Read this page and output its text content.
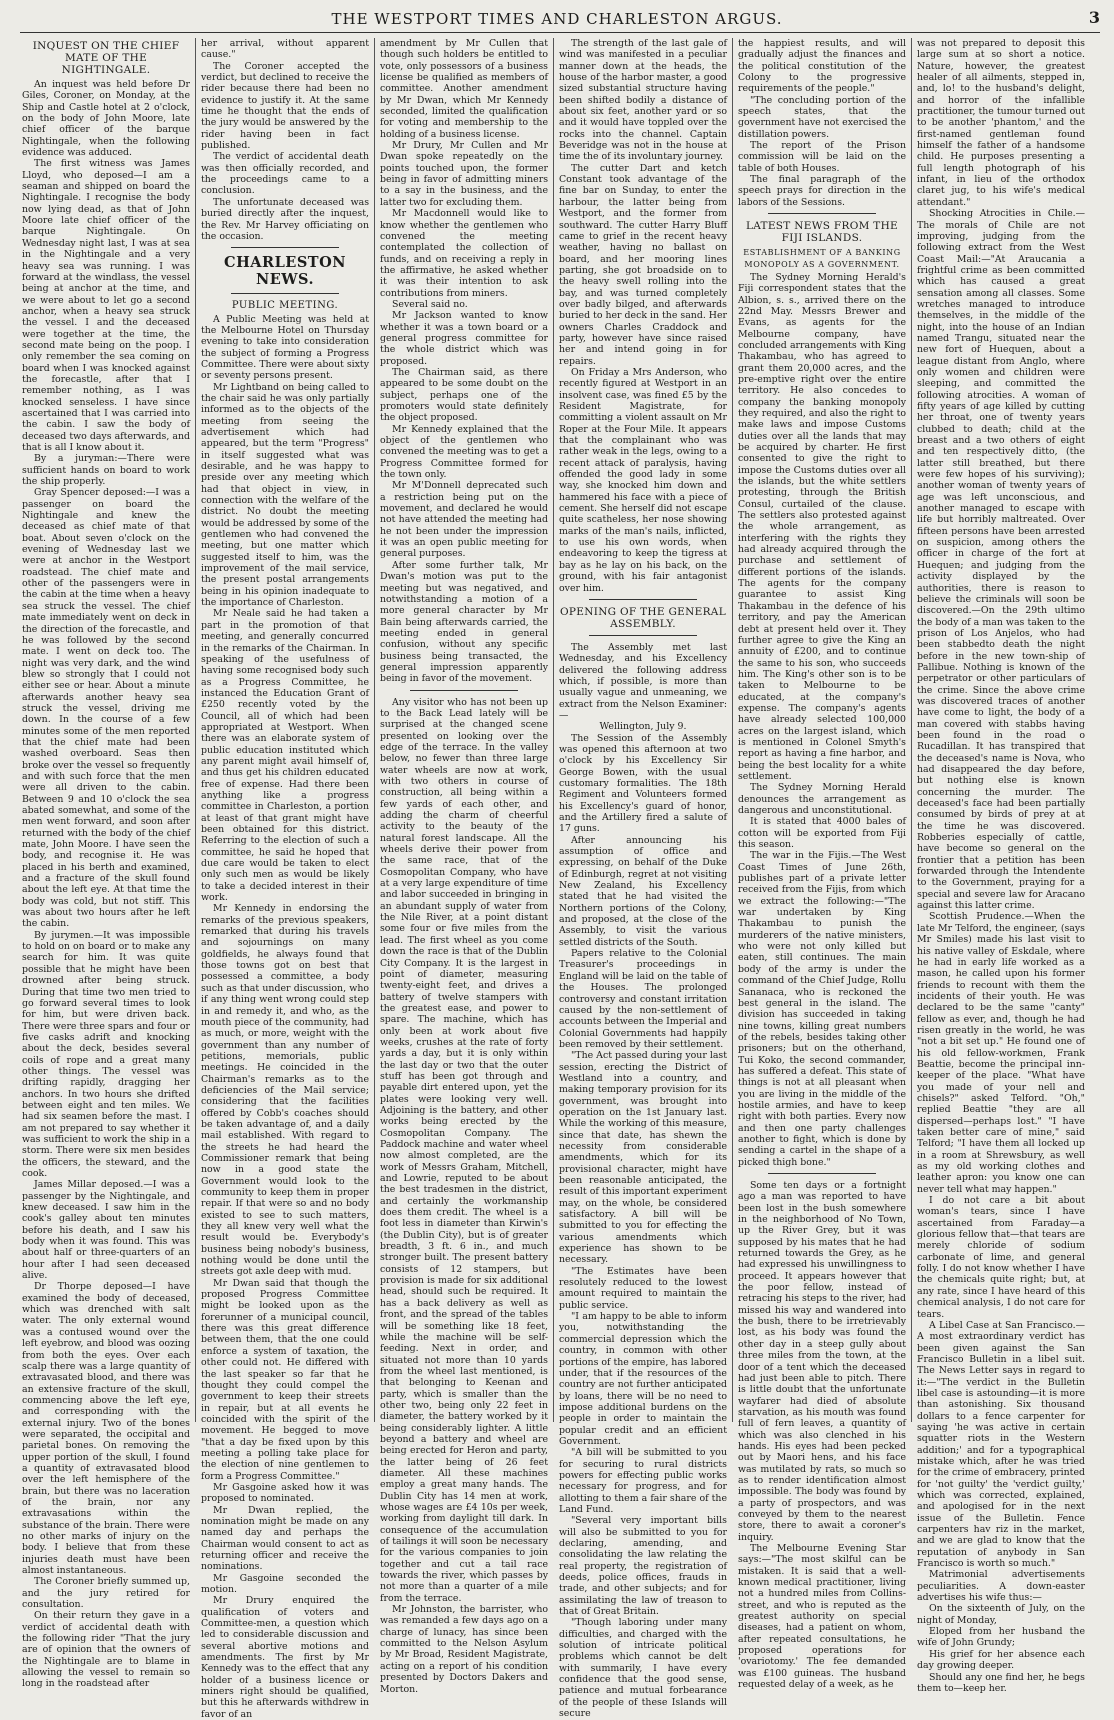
THE WESTPORT TIMES AND CHARLESTON ARGUS.	3

INQUEST ON THE CHIEF MATE OF THE NIGHTINGALE.

An inquest was held before Dr Giles, Coroner, on Monday, at the Ship and Castle hotel at 2 o'clock, on the body of John Moore, late chief officer of the barque Nightingale, when the following evidence was adduced.

The first witness was James Lloyd, who deposed—I am a seaman and shipped on board the Nightingale. I recognise the body now lying dead, as that of John Moore late chief officer of the barque Nightingale. On Wednesday night last, I was at sea in the Nightingale and a very heavy sea was running. I was forward at the windlass, the vessel being at anchor at the time, and we were about to let go a second anchor, when a heavy sea struck the vessel. I and the deceased were together at the time, the second mate being on the poop. I only remember the sea coming on board when I was knocked against the forecastle, after that I remember nothing, as I was knocked senseless. I have since ascertained that I was carried into the cabin. I saw the body of deceased two days afterwards, and that is all I know about it.

By a juryman:—There were sufficient hands on board to work the ship properly.

Gray Spencer deposed:—I was a passenger on board the Nightingale and knew the deceased as chief mate of that boat. About seven o'clock on the evening of Wednesday last we were at anchor in the Westport roadstead. The chief mate and other of the passengers were in the cabin at the time when a heavy sea struck the vessel. The chief mate immediately went on deck in the direction of the forecastle, and he was followed by the second mate. I went on deck too. The night was very dark, and the wind blew so strongly that I could not either see or hear. About a minute afterwards another heavy sea struck the vessel, driving me down. In the course of a few minutes some of the men reported that the chief mate had been washed overboard. Seas then broke over the vessel so frequently and with such force that the men were all driven to the cabin. Between 9 and 10 o'clock the sea abated somewhat, and some of the men went forward, and soon after returned with the body of the chief mate, John Moore. I have seen the body, and recognise it. He was placed in his berth and examined, and a fracture of the skull found about the left eye. At that time the body was cold, but not stiff. This was about two hours after he left the cabin.

By jurymen.—It was impossible to hold on on board or to make any search for him. It was quite possible that he might have been drowned after being struck. During that time two men tried to go forward several times to look for him, but were driven back. There were three spars and four or five casks adrift and knocking about the deck, besides several coils of rope and a great many other things. The vessel was drifting rapidly, dragging her anchors. In two hours she drifted between eight and ten miles. We had six seamen before the mast. I am not prepared to say whether it was sufficient to work the ship in a storm. There were six men besides the officers, the steward, and the cook.

James Millar deposed.—I was a passenger by the Nightingale, and knew deceased. I saw him in the cook's galley about ten minutes before his death, and I saw his body when it was found. This was about half or three-quarters of an hour after I had seen deceased alive.

Dr Thorpe deposed—I have examined the body of deceased, which was drenched with salt water. The only external wound was a contused wound over the left eyebrow, and blood was oozing from both the eyes. Over each scalp there was a large quantity of extravasated blood, and there was an extensive fracture of the skull, commencing above the left eye, and corresponding with the external injury. Two of the bones were separated, the occipital and parietal bones. On removing the upper portion of the skull, I found a quantity of extravasated blood over the left hemisphere of the brain, but there was no laceration of the brain, nor any extravasations within the substance of the brain. There were no other marks of injury on the body. I believe that from these injuries death must have been almost instantaneous.

The Coroner briefly summed up, and the jury retired for consultation.

On their return they gave in a verdict of accidental death with the following rider "That the jury are of opinion that the owners of the Nightingale are to blame in allowing the vessel to remain so long in the roadstead after

her arrival, without apparent cause."

The Coroner accepted the verdict, but declined to receive the rider because there had been no evidence to justify it. At the same time he thought that the ends of the jury would be answered by the rider having been in fact published.

The verdict of accidental death was then officially recorded, and the proceedings came to a conclusion.

The unfortunate deceased was buried directly after the inquest, the Rev. Mr Harvey officiating on the occasion.

CHARLESTON NEWS.

PUBLIC MEETING.

A Public Meeting was held at the Melbourne Hotel on Thursday evening to take into consideration the subject of forming a Progress Committee. There were about sixty or seventy persons present.

Mr Lightband on being called to the chair said he was only partially informed as to the objects of the meeting from seeing the advertisement which had appeared, but the term "Progress" in itself suggested what was desirable, and he was happy to preside over any meeting which had that object in view, in connection with the welfare of the district. No doubt the meeting would be addressed by some of the gentlemen who had convened the meeting, but one matter which suggested itself to him, was the improvement of the mail service, the present postal arrangements being in his opinion inadequate to the importance of Charleston.

Mr Neale said he had taken a part in the promotion of that meeting, and generally concurred in the remarks of the Chairman. In speaking of the usefulness of having some recognised body such as a Progress Committee, he instanced the Education Grant of £250 recently voted by the Council, all of which had been appropriated at Westport. When there was an elaborate system of public education instituted which any parent might avail himself of, and thus get his children educated free of expense. Had there been anything like a progress committee in Charleston, a portion at least of that grant might have been obtained for this district. Referring to the election of such a committee, he said he hoped that due care would be taken to elect only such men as would be likely to take a decided interest in their work.

Mr Kennedy in endorsing the remarks of the previous speakers, remarked that during his travels and sojournings on many goldfields, he always found that those towns got on best that possessed a committee, a body such as that under discussion, who if any thing went wrong could step in and remedy it, and who, as the mouth piece of the community, had as much, or more, weight with the government than any number of petitions, memorials, public meetings. He coincided in the Chairman's remarks as to the deficiencies of the Mail service; considering that the facilities offered by Cobb's coaches should be taken advantage of, and a daily mail established. With regard to the streets he had heard the Commissioner remark that being now in a good state the Government would look to the community to keep them in proper repair. If that were so and no body existed to see to such matters, they all knew very well what the result would be. Everybody's business being nobody's business, nothing would be done until the streets got axle deep with mud.

Mr Dwan said that though the proposed Progress Committee might be looked upon as the forerunner of a municipal council, there was this great difference between them, that the one could enforce a system of taxation, the other could not. He differed with the last speaker so far that he thought they could compel the government to keep their streets in repair, but at all events he coincided with the spirit of the movement. He begged to move "that a day be fixed upon by this meeting a polling take place for the election of nine gentlemen to form a Progress Committee."

Mr Gasgoine asked how it was proposed to nominated.

Mr Dwan replied, the nomination might be made on any named day and perhaps the Chairman would consent to act as returning officer and receive the nominations.

Mr Gasgoine seconded the motion.

Mr Drury enquired the qualification of voters and Committee-men, a question which led to considerable discussion and several abortive motions and amendments. The first by Mr Kennedy was to the effect that any holder of a business licence or miners right should be qualified, but this he afterwards withdrew in favor of an

amendment by Mr Cullen that though such holders be entitled to vote, only possessors of a business license be qualified as members of committee. Another amendment by Mr Dwan, which Mr Kennedy seconded, limited the qualification for voting and membership to the holding of a business license.

Mr Drury, Mr Cullen and Mr Dwan spoke repeatedly on the points touched upon, the former being in favor of admitting miners to a say in the business, and the latter two for excluding them.

Mr Macdonnell would like to know whether the gentlemen who convened the meeting contemplated the collection of funds, and on receiving a reply in the affirmative, he asked whether it was their intention to ask contributions from miners.

Several said no.

Mr Jackson wanted to know whether it was a town board or a general progress committee for the whole district which was proposed.

The Chairman said, as there appeared to be some doubt on the subject, perhaps one of the promoters would state definitely the object proposed.

Mr Kennedy explained that the object of the gentlemen who convened the meeting was to get a Progress Committee formed for the town only.

Mr M'Donnell deprecated such a restriction being put on the movement, and declared he would not have attended the meeting had he not been under the impression it was an open public meeting for general purposes.

After some further talk, Mr Dwan's motion was put to the meeting but was negatived, and notwithstanding a motion of a more general character by Mr Bain being afterwards carried, the meeting ended in general confusion, without any specific business being transacted, the general impression apparently being in favor of the movement.

Any visitor who has not been up to the Back Lead lately will be surprised at the changed scene presented on looking over the edge of the terrace. In the valley below, no fewer than three large water wheels are now at work, with two others in course of construction, all being within a few yards of each other, and adding the charm of cheerful activity to the beauty of the natural forest landscape. All the wheels derive their power from the same race, that of the Cosmopolitan Company, who have at a very large expenditure of time and labor succeeded in bringing in an abundant supply of water from the Nile River, at a point distant some four or five miles from the lead. The first wheel as you come down the race is that of the Dublin City Company. It is the largest in point of diameter, measuring twenty-eight feet, and drives a battery of twelve stampers with the greatest ease, and power to spare. The machine, which has only been at work about five weeks, crushes at the rate of forty yards a day, but it is only within the last day or two that the outer stuff has been got through and payable dirt entered upon, yet the plates were looking very well. Adjoining is the battery, and other works being erected by the Cosmopolitan Company. The Paddock machine and water wheel now almost completed, are the work of Messrs Graham, Mitchell, and Lowrie, reputed to be about the best tradesmen in the district, and certainly the workmanship does them credit. The wheel is a foot less in diameter than Kirwin's (the Dublin City), but is of greater breadth, 3 ft. 6 in., and much stronger built. The present battery consists of 12 stampers, but provision is made for six additional head, should such be required. It has a back delivery as well as front, and the spread of the tables will be something like 18 feet, while the machine will be self-feeding. Next in order, and situated not more than 10 yards from the wheel last mentioned, is that belonging to Keenan and party, which is smaller than the other two, being only 22 feet in diameter, the battery worked by it being considerably lighter. A little beyond a battery and wheel are being erected for Heron and party, the latter being of 26 feet diameter. All these machines employ a great many hands. The Dublin City has 14 men at work, whose wages are £4 10s per week, working from daylight till dark. In consequence of the accumulation of tailings it will soon be necessary for the various companies to join together and cut a tail race towards the river, which passes by not more than a quarter of a mile from the terrace.

Mr Johnston, the barrister, who was remanded a few days ago on a charge of lunacy, has since been committed to the Nelson Asylum by Mr Broad, Resident Magistrate, acting on a report of his condition presented by Doctors Dakers and Morton.

The strength of the last gale of wind was manifested in a peculiar manner down at the heads, the house of the harbor master, a good sized substantial structure having been shifted bodily a distance of about six feet, another yard or so and it would have toppled over the rocks into the channel. Captain Beveridge was not in the house at time the of its involuntary journey.

The cutter Dart and ketch Constant took advantage of the fine bar on Sunday, to enter the harbour, the latter being from Westport, and the former from southward. The cutter Harry Bluff came to grief in the recent heavy weather, having no ballast on board, and her mooring lines parting, she got broadside on to the heavy swell rolling into the bay, and was turned completely over badly bilged, and afterwards buried to her deck in the sand. Her owners Charles Craddock and party, however have since raised her and intend going in for repairs.

On Friday a Mrs Anderson, who recently figured at Westport in an insolvent case, was fined £5 by the Resident Magistrate, for committing a violent assault on Mr Roper at the Four Mile. It appears that the complainant who was rather weak in the legs, owing to a recent attack of paralysis, having offended the good lady in some way, she knocked him down and hammered his face with a piece of cement. She herself did not escape quite scatheless, her nose showing marks of the man's nails, inflicted, to use his own words, when endeavoring to keep the tigress at bay as he lay on his back, on the ground, with his fair antagonist over him.

OPENING OF THE GENERAL ASSEMBLY.

The Assembly met last Wednesday, and his Excellency delivered the following address which, if possible, is more than usually vague and unmeaning, we extract from the Nelson Examiner:—

Wellington, July 9.

The Session of the Assembly was opened this afternoon at two o'clock by his Excellency Sir George Bowen, with the usual customary formalities. The 18th Regiment and Volunteers formed his Excellency's guard of honor, and the Artillery fired a salute of 17 guns.

After announcing his assumption of office and expressing, on behalf of the Duke of Edinburgh, regret at not visiting New Zealand, his Excellency stated that he had visited the Northern portions of the Colony, and proposed, at the close of the Assembly, to visit the various settled districts of the South.

Papers relative to the Colonial Treasurer's proceedings in England will be laid on the table of the Houses. The prolonged controversy and constant irritation caused by the non-settlement of accounts between the Imperial and Colonial Governments had happily been removed by their settlement.

"The Act passed during your last session, erecting the District of Westland into a country, and making temporary provision for its government, was brought into operation on the 1st January last. While the working of this measure, since that date, has shewn the necessity from considerable amendments, which for its provisional character, might have been reasonable anticipated, the result of this important experiment may, on the whole, be considered satisfactory. A bill will be submitted to you for effecting the various amendments which experience has shown to be necessary.

"The Estimates have been resolutely reduced to the lowest amount required to maintain the public service.

"I am happy to be able to inform you, notwithstanding the commercial depression which the country, in common with other portions of the empire, has labored under, that if the resources of the country are not further anticipated by loans, there will be no need to impose additional burdens on the people in order to maintain the popular credit and an efficient Government.

"A bill will be submitted to you for securing to rural districts powers for effecting public works necessary for progress, and for allotting to them a fair share of the Land Fund.

"Several very important bills will also be submitted to you for declaring, amending, and consolidating the law relating the real property, the registration of deeds, police offices, frauds in trade, and other subjects; and for assimilating the law of treason to that of Great Britain.

"Though laboring under many difficulties, and charged with the solution of intricate political problems which cannot be delt with summarily, I have every confidence that the good sense, patience and mutual forbearance of the people of these Islands will secure

the happiest results, and will gradually adjust the finances and the political constitution of the Colony to the progressive requirements of the people."

"The concluding portion of the speech states, that the government have not exercised the distillation powers.

The report of the Prison commission will be laid on the table of both Houses.

The final paragraph of the speech prays for direction in the labors of the Sessions.

LATEST NEWS FROM THE FIJI ISLANDS.

ESTABLISHMENT OF A BANKING MONOPOLY AS A GOVERNMENT.

The Sydney Morning Herald's Fiji correspondent states that the Albion, s. s., arrived there on the 22nd May. Messrs Brewer and Evans, as agents for the Melbourne company, have concluded arrangements with King Thakambau, who has agreed to grant them 20,000 acres, and the pre-emptive right over the entire territory. He also concedes to company the banking monopoly they required, and also the right to make laws and impose Customs duties over all the lands that may be acquired by charter. He first consented to give the right to impose the Customs duties over all the islands, but the white settlers protesting, through the British Consul, curtailed of the clause. The settlers also protested against the whole arrangement, as interfering with the rights they had already acquired through the purchase and settlement of different portions of the islands. The agents for the company guarantee to assist King Thakambau in the defence of his territory, and pay the American debt at present held over it. They further agree to give the King an annuity of £200, and to continue the same to his son, who succeeds him. The King's other son is to be taken to Melbourne to be educated, at the company's expense. The company's agents have already selected 100,000 acres on the largest island, which is mentioned in Colonel Smyth's report as having a fine harbor, and being the best locality for a white settlement.

The Sydney Morning Herald denounces the arrangement as dangerous and unconstitutional.

It is stated that 4000 bales of cotton will be exported from Fiji this season.

The war in the Fijis.—The West Coast Times of June 26th, publishes part of a private letter received from the Fijis, from which we extract the following:—"The war undertaken by King Thakambau to punish the murderers of the native ministers, who were not only killed but eaten, still continues. The main body of the army is under the command of the Chief Judge, Rollu Sananaca, who is reckoned the best general in the island. The division has succeeded in taking nine towns, killing great numbers of the rebels, besides taking other prisoners; but on the otherhand, Tui Koko, the second commander, has suffered a defeat. This state of things is not at all pleasant when you are living in the middle of the hostile armies, and have to keep right with both parties. Every now and then one party challenges another to fight, which is done by sending a cartel in the shape of a picked thigh bone."

Some ten days or a fortnight ago a man was reported to have been lost in the bush somewhere in the neighborhood of No Town, up the River Grey, but it was supposed by his mates that he had returned towards the Grey, as he had expressed his unwillingness to proceed. It appears however that the poor fellow, instead of retracing his steps to the river, had missed his way and wandered into the bush, there to be irretrievably lost, as his body was found the other day in a steep gully about three miles from the town, at the door of a tent which the deceased had just been able to pitch. There is little doubt that the unfortunate wayfarer had died of absolute starvation, as his mouth was found full of fern leaves, a quantity of which was also clenched in his hands. His eyes had been pecked out by Maori hens, and his face was mutilated by rats, so much so as to render identification almost impossible. The body was found by a party of prospectors, and was conveyed by them to the nearest store, there to await a coroner's inquiry.

The Melbourne Evening Star says:—"The most skilful can be mistaken. It is said that a well-known medical practitioner, living not a hundred miles from Collins-street, and who is reputed as the greatest authority on special diseases, had a patient on whom, after repeated consultations, he proposed operations for 'ovariotomy.' The fee demanded was £100 guineas. The husband requested delay of a week, as he

was not prepared to deposit this large sum at so short a notice. Nature, however, the greatest healer of all ailments, stepped in, and, lo! to the husband's delight, and horror of the infallible practitioner, the tumour turned out to be another 'phantom,' and the first-named gentleman found himself the father of a handsome child. He purposes presenting a full length photograph of his infant, in lieu of the orthodox claret jug, to his wife's medical attendant."

Shocking Atrocities in Chile.—The morals of Chile are not improving, judging from the following extract from the West Coast Mail:—"At Araucania a frightful crime as been committed which has caused a great sensation among all classes. Some wretches managed to introduce themselves, in the middle of the night, into the house of an Indian named Trangu, situated near the new fort of Huequen, about a league distant from Anglo, where only women and children were sleeping, and committed the following atrocities. A woman of fifty years of age killed by cutting her throat, one of twenty years clubbed to death; child at the breast and a two others of eight and ten respectively ditto, (the latter still breathed, but there were few hopes of his surviving); another woman of twenty years of age was left unconscious, and another managed to escape with life but horribly maltreated. Over fifteen persons have been arrested on suspicion, among others the officer in charge of the fort at Huequen; and judging from the activity displayed by the authorities, there is reason to believe the criminals will soon be discovered.—On the 29th ultimo the body of a man was taken to the prison of Los Anjelos, who had been stabbedto death the night before in the new town-ship of Pallibue. Nothing is known of the perpetrator or other particulars of the crime. Since the above crime was discovered traces of another have come to light, the body of a man covered with stabbs having been found in the road o Rucadillan. It has transpired that the deceased's name is Nova, who had disappeared the day before, but nothing else is known concerning the murder. The deceased's face had been partially consumed by birds of prey at at the time he was discovered. Robberies especially of cattle, have become so general on the frontier that a petition has been forwarded through the Intendente to the Government, praying for a special and severe law for Aracano against this latter crime.

Scottish Prudence.—When the late Mr Telford, the engineer, (says Mr Smiles) made his last visit to his native valley of Eskdale, where he had in early life worked as a mason, he called upon his former friends to recount with them the incidents of their youth. He was declared to be the same "canty" fellow as ever, and, though he had risen greatly in the world, he was "not a bit set up." He found one of his old fellow-workmen, Frank Beattie, become the principal inn-keeper of the place. "What have you made of your nell and chisels?" asked Telford. "Oh," replied Beattie "they are all dispersed—perhaps lost." "I have taken better care of mine," said Telford; "I have them all locked up in a room at Shrewsbury, as well as my old working clothes and leather apron: you know one can never tell what may happen."

I do not care a bit about woman's tears, since I have ascertained from Faraday—a glorious fellow that—that tears are merely chloride of sodium carbonate of lime, and general folly. I do not know whether I have the chemicals quite right; but, at any rate, since I have heard of this chemical analysis, I do not care for tears.

A Libel Case at San Francisco.—A most extraordinary verdict has been given against the San Francisco Bulletin in a libel suit. The News Letter says in regard to it:—"The verdict in the Bulletin libel case is astounding—it is more than astonishing. Six thousand dollars to a fence carpenter for saying 'he was active in certain squatter riots in the Western addition;' and for a typographical mistake which, after he was tried for the crime of embracery, printed for 'not guilty' the 'verdict guilty,' which was corrected, explained, and apologised for in the next issue of the Bulletin. Fence carpenters hav riz in the market, and we are glad to know that the reputation of anybody in San Francisco is worth so much."

Matrimonial advertisements peculiarities. A down-easter advertises his wife thus:—

On the sixteenth of July, on the night of Monday,

Eloped from her husband the wife of John Grundy;

His grief for her absence each day growing deeper.

Should any one find her, he begs them to—keep her.
